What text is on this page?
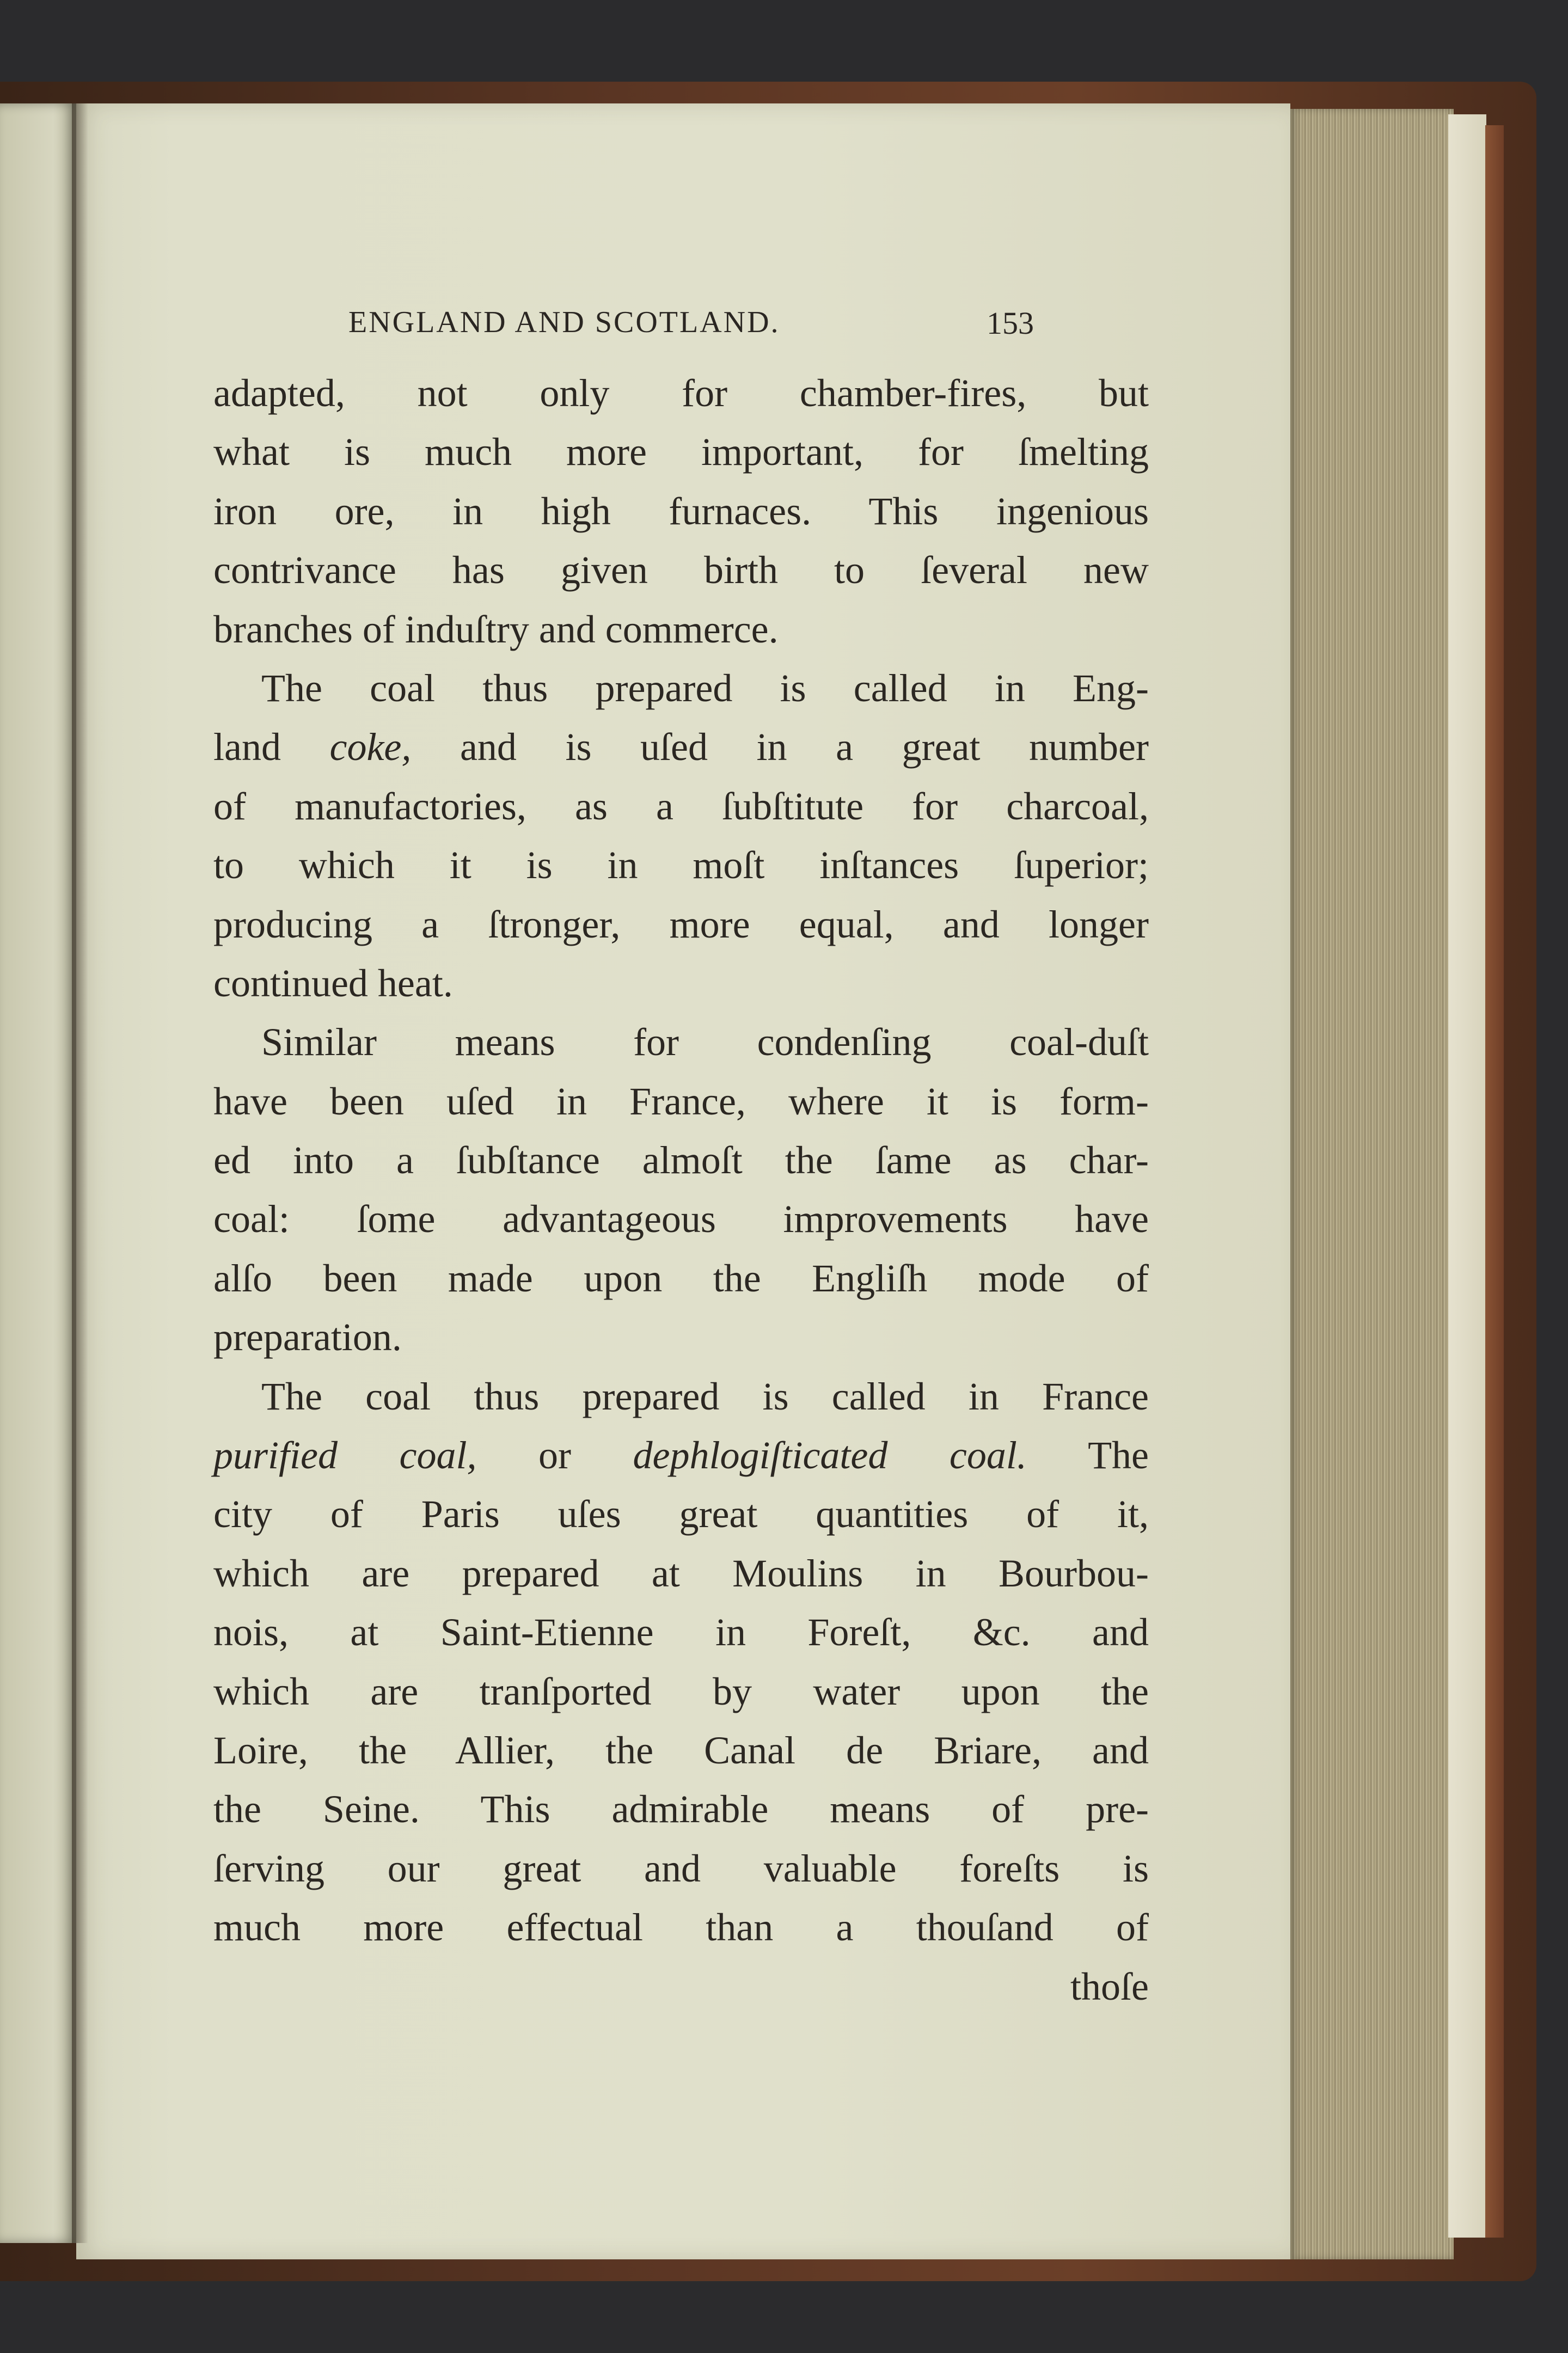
ENGLAND AND SCOTLAND.	153
adapted, not only for chamber-fires, but
what is much more important, for ſmelting
iron ore, in high furnaces. This ingenious
contrivance has given birth to ſeveral new
branches of induſtry and commerce.
The coal thus prepared is called in Eng-
land coke, and is uſed in a great number
of manufactories, as a ſubſtitute for charcoal,
to which it is in moſt inſtances ſuperior;
producing a ſtronger, more equal, and longer
continued heat.
Similar means for condenſing coal-duſt
have been uſed in France, where it is form-
ed into a ſubſtance almoſt the ſame as char-
coal: ſome advantageous improvements have
alſo been made upon the Engliſh mode of
preparation.
The coal thus prepared is called in France
purified coal, or dephlogiſticated coal. The
city of Paris uſes great quantities of it,
which are prepared at Moulins in Bourbou-
nois, at Saint-Etienne in Foreſt, &c. and
which are tranſported by water upon the
Loire, the Allier, the Canal de Briare, and
the Seine. This admirable means of pre-
ſerving our great and valuable foreſts is
much more effectual than a thouſand of
thoſe
